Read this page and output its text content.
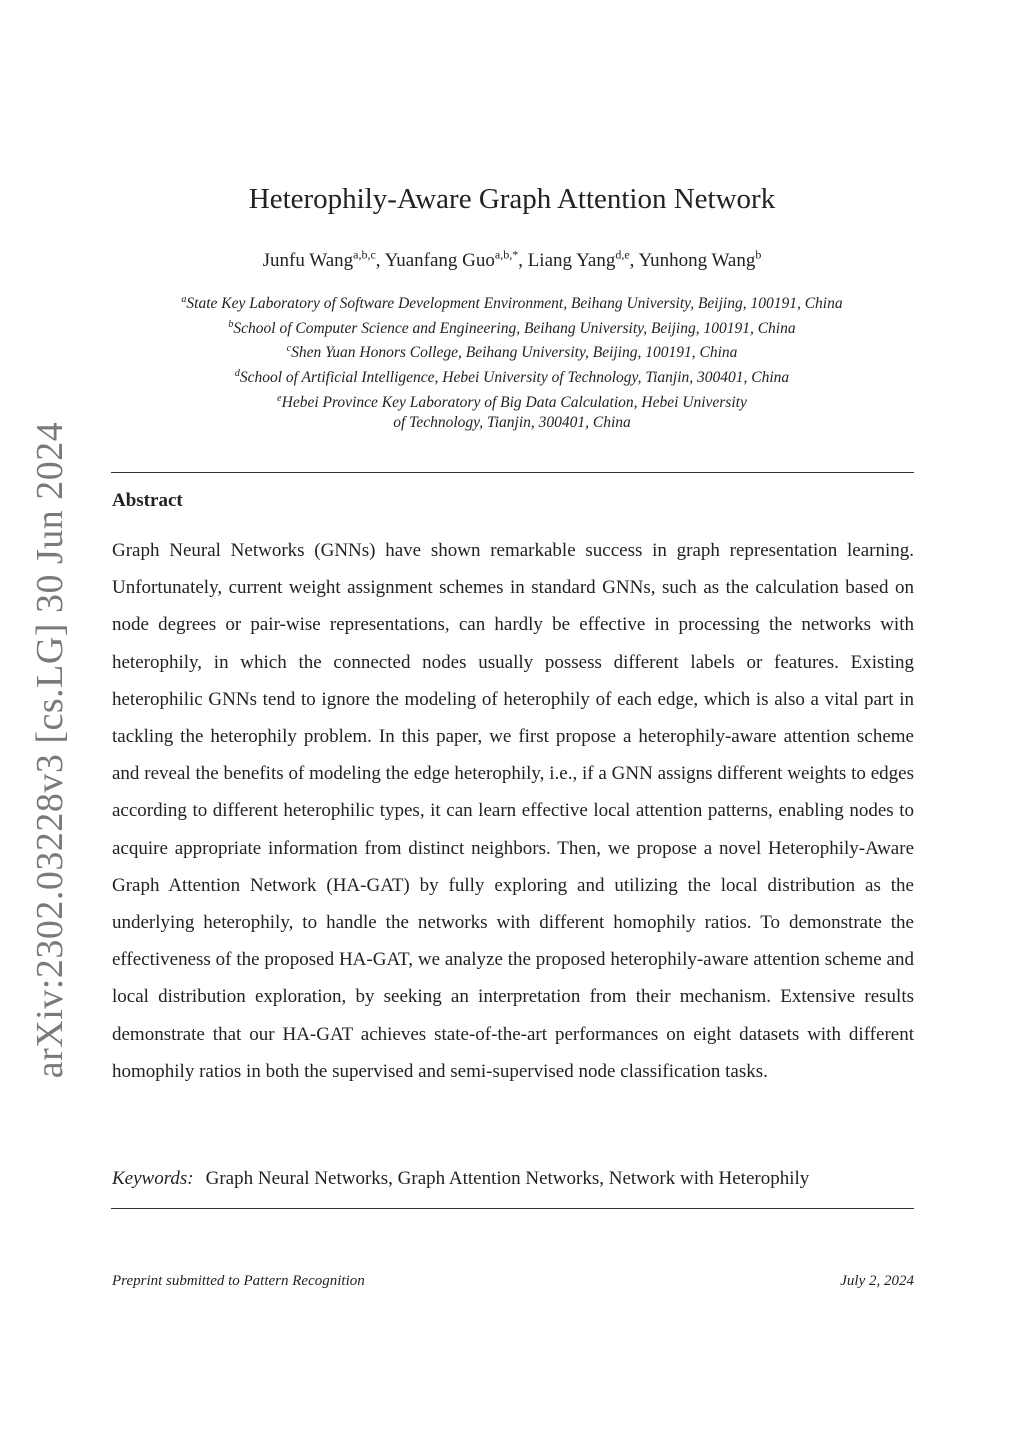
arXiv:2302.03228v3 [cs.LG] 30 Jun 2024
Heterophily-Aware Graph Attention Network
Junfu Wang$^{a,b,c}$, Yuanfang Guo$^{a,b,*}$, Liang Yang$^{d,e}$, Yunhong Wang$^b$
$^a$State Key Laboratory of Software Development Environment, Beihang University, Beijing, 100191, China
$^b$School of Computer Science and Engineering, Beihang University, Beijing, 100191, China
$^c$Shen Yuan Honors College, Beihang University, Beijing, 100191, China
$^d$School of Artificial Intelligence, Hebei University of Technology, Tianjin, 300401, China
$^e$Hebei Province Key Laboratory of Big Data Calculation, Hebei University of Technology, Tianjin, 300401, China
Abstract
Graph Neural Networks (GNNs) have shown remarkable success in graph representation learning. Unfortunately, current weight assignment schemes in standard GNNs, such as the calculation based on node degrees or pair-wise representations, can hardly be effective in processing the networks with heterophily, in which the connected nodes usually possess different labels or features. Existing heterophilic GNNs tend to ignore the modeling of heterophily of each edge, which is also a vital part in tackling the heterophily problem. In this paper, we first propose a heterophily-aware attention scheme and reveal the benefits of modeling the edge heterophily, i.e., if a GNN assigns different weights to edges according to different heterophilic types, it can learn effective local attention patterns, enabling nodes to acquire appropriate information from distinct neighbors. Then, we propose a novel Heterophily-Aware Graph Attention Network (HA-GAT) by fully exploring and utilizing the local distribution as the underlying heterophily, to handle the networks with different homophily ratios. To demonstrate the effectiveness of the proposed HA-GAT, we analyze the proposed heterophily-aware attention scheme and local distribution exploration, by seeking an interpretation from their mechanism. Extensive results demonstrate that our HA-GAT achieves state-of-the-art performances on eight datasets with different homophily ratios in both the supervised and semi-supervised node classification tasks.
Keywords: Graph Neural Networks, Graph Attention Networks, Network with Heterophily
Preprint submitted to Pattern Recognition	July 2, 2024
